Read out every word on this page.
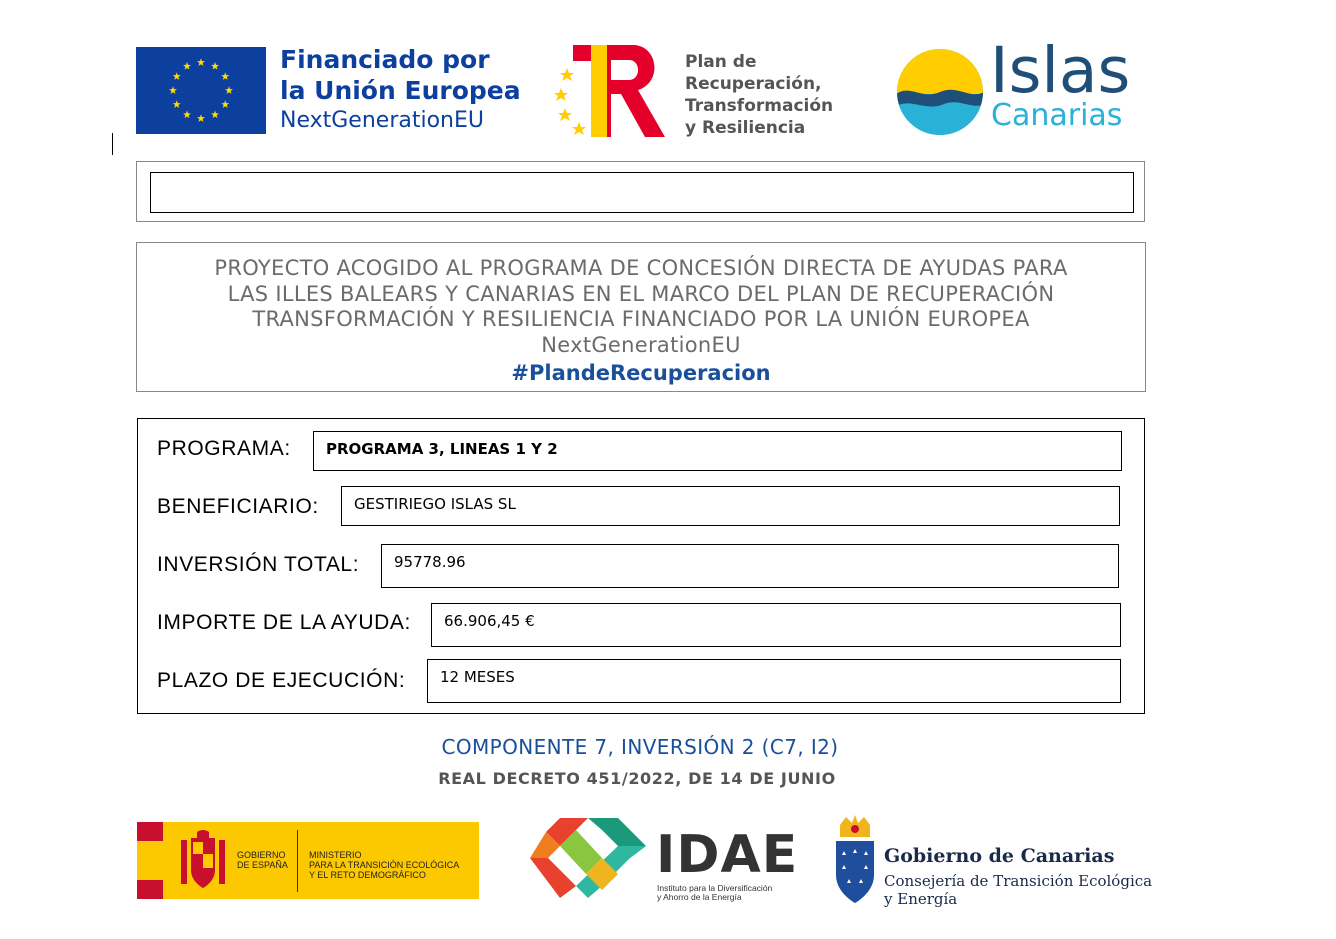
Financiado por
la Unión Europea
NextGenerationEU
Plan de
Recuperación,
Transformación
y Resiliencia
Islas
Canarias
PROYECTO ACOGIDO AL PROGRAMA DE CONCESIÓN DIRECTA DE AYUDAS PARA
LAS ILLES BALEARS Y CANARIAS EN EL MARCO DEL PLAN DE RECUPERACIÓN
TRANSFORMACIÓN Y RESILIENCIA FINANCIADO POR LA UNIÓN EUROPEA
NextGenerationEU
#PlandeRecuperacion
PROGRAMA:	PROGRAMA 3, LINEAS 1 Y 2
BENEFICIARIO:	GESTIRIEGO ISLAS SL
INVERSIÓN TOTAL:	95778.96
IMPORTE DE LA AYUDA:	66.906,45 €
PLAZO DE EJECUCIÓN:	12 MESES
COMPONENTE 7, INVERSIÓN 2 (C7, I2)
REAL DECRETO 451/2022, DE 14 DE JUNIO
GOBIERNO
DE ESPAÑA
MINISTERIO
PARA LA TRANSICIÓN ECOLÓGICA
Y EL RETO DEMOGRÁFICO	IDAE
Instituto para la Diversificación
y Ahorro de la Energía
Gobierno de Canarias
Consejería de Transición Ecológica
y Energía
